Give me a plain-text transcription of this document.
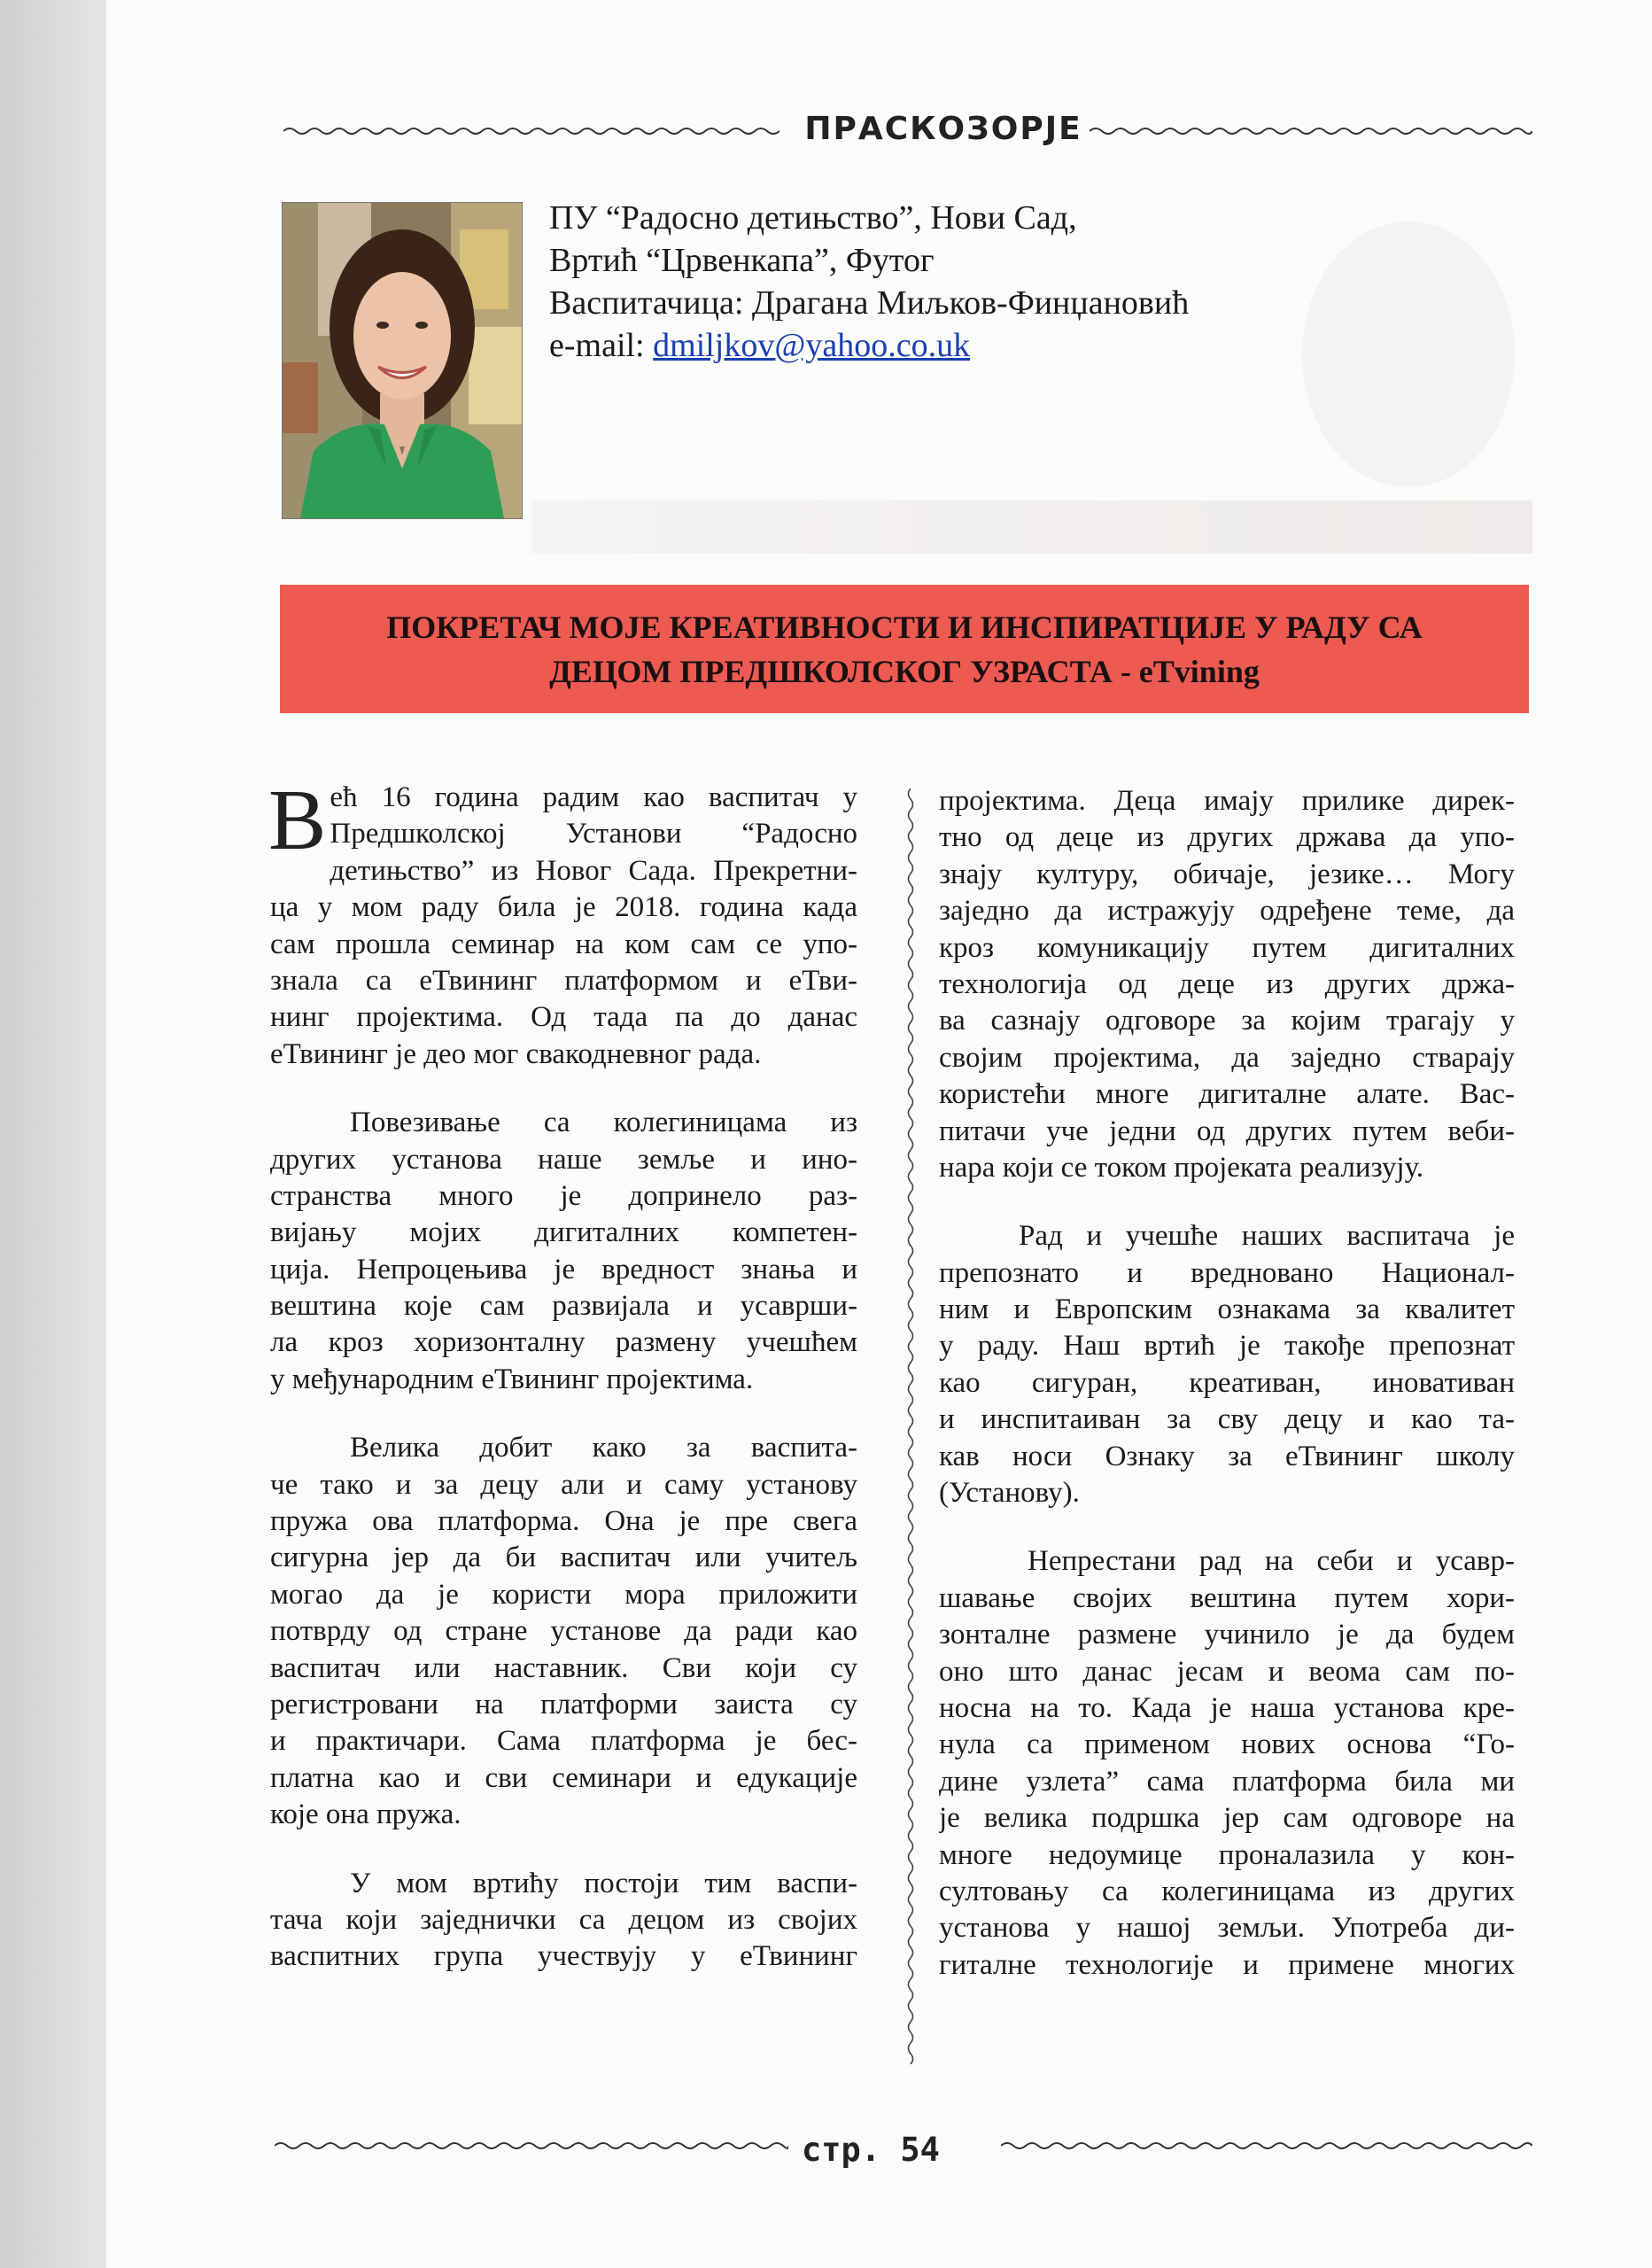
ПРАСКОЗОРЈЕ
ПУ “Радосно детињство”, Нови Сад,
Вртић “Црвенкапа”, Футог
Васпитачица: Драгана Миљков-Финџановић
e-mail: dmiljkov@yahoo.co.uk
ПОКРЕТАЧ МОЈЕ КРЕАТИВНОСТИ И ИНСПИРАТЦИЈЕ У РАДУ СА
ДЕЦОМ ПРЕДШКОЛСКОГ УЗРАСТА - eTvining
В ећ 16 година радим као васпитач у
Предшколској Установи “Радосно
детињство” из Новог Сада. Прекретни-
ца у мом раду била је 2018. година када
сам прошла семинар на ком сам се упо-
знала са еТвининг платформом и еТви-
нинг пројектима. Од тада па до данас
еТвининг је део мог свакодневног рада.
Повезивање са колегиницама из
других установа наше земље и ино-
странства много је допринело раз-
вијању мојих дигиталних компетен-
ција. Непроцењива је вредност знања и
вештина које сам развијала и усаврши-
ла кроз хоризонталну размену учешћем
у међународним еТвининг пројектима.
Велика добит како за васпита-
че тако и за децу али и саму установу
пружа ова платформа. Она је пре свега
сигурна јер да би васпитач или учитељ
могао да је користи мора приложити
потврду од стране установе да ради као
васпитач или наставник. Сви који су
регистровани на платформи заиста су
и практичари. Сама платформа је бес-
платна као и сви семинари и едукације
које она пружа.
У мом вртићу постоји тим васпи-
тача који заједнички са децом из својих
васпитних група учествују у еТвининг
пројектима. Деца имају прилике дирек-
тно од деце из других држава да упо-
знају културу, обичаје, језике… Могу
заједно да истражују одређене теме, да
кроз комуникацију путем дигиталних
технологија од деце из других држа-
ва сазнају одговоре за којим трагају у
својим пројектима, да заједно стварају
користећи многе дигиталне алате. Вас-
питачи уче једни од других путем веби-
нара који се током пројеката реализују.
Рад и учешће наших васпитача је
препознато и вредновано Национал-
ним и Европским ознакама за квалитет
у раду. Наш вртић је такође препознат
као сигуран, креативан, иновативан
и инспитаиван за сву децу и као та-
кав носи Ознаку за еТвининг школу
(Установу).
Непрестани рад на себи и усавр-
шавање својих вештина путем хори-
зонталне размене учинило је да будем
оно што данас јесам и веома сам по-
носна на то. Када је наша установа кре-
нула са применом нових основа “Го-
дине узлета” сама платформа била ми
је велика подршка јер сам одговоре на
многе недоумице проналазила у кон-
султовању са колегиницама из других
установа у нашој земљи. Употреба ди-
гиталне технологије и примене многих
стр. 54
